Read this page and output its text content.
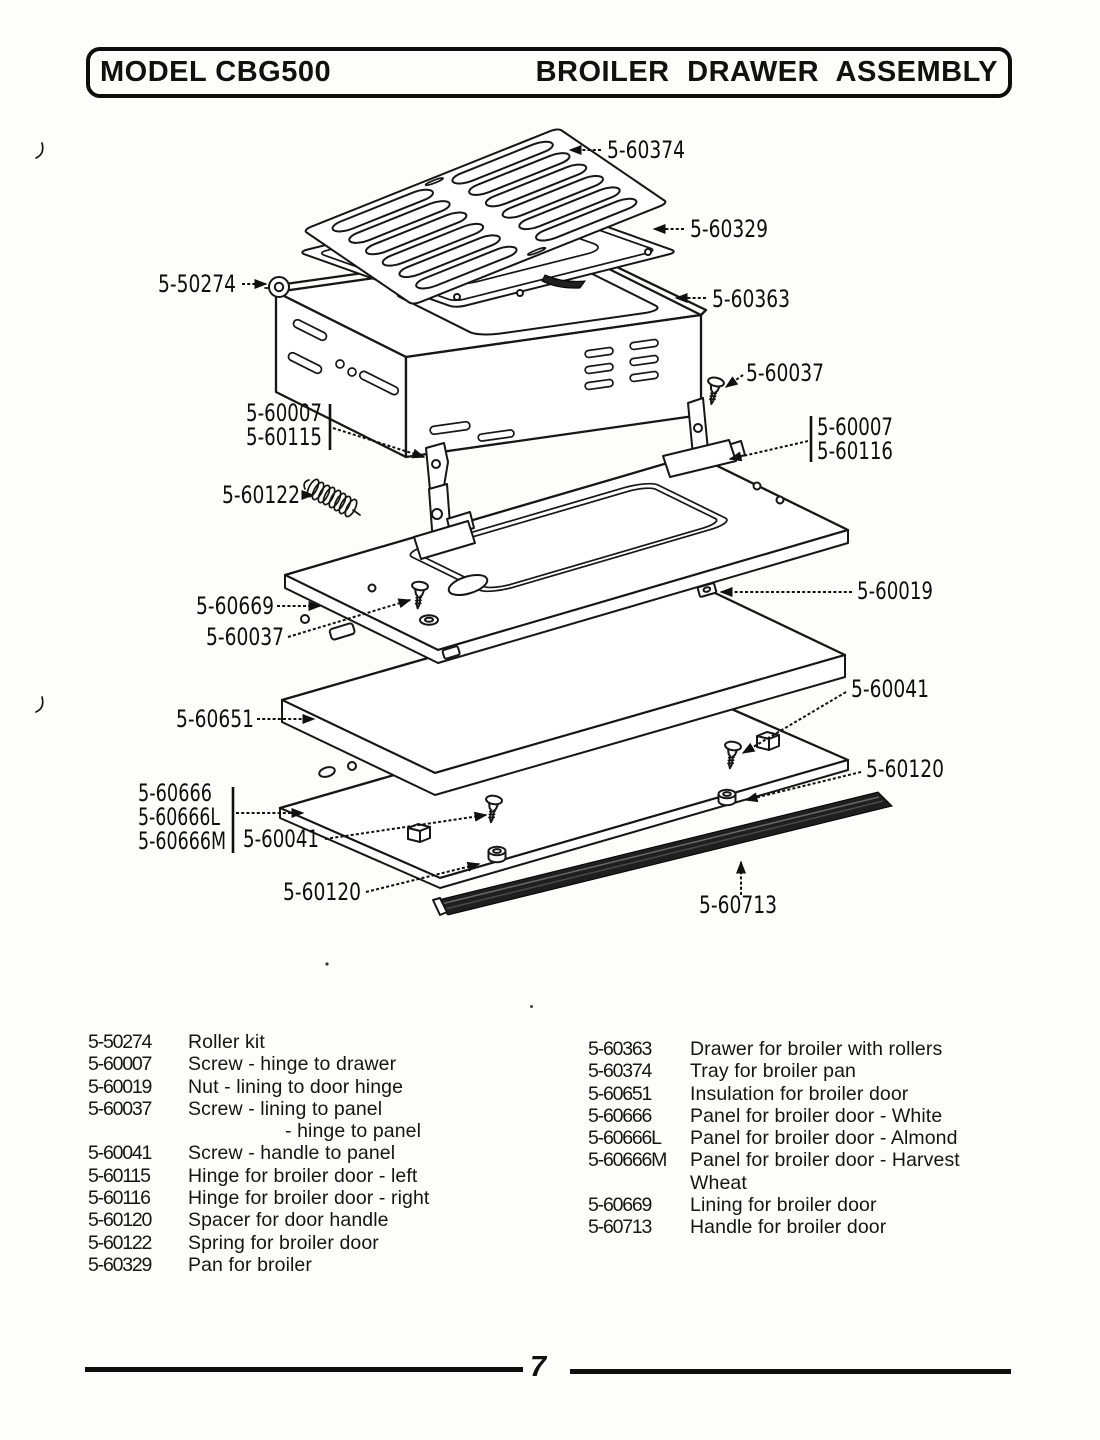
MODEL CBG500	BROILER DRAWER ASSEMBLY
5-60374
5-60329
5-50274
5-60363
5-60037
5-60007
5-60115	5-60007
5-60116
5-60122
5-60019
5-60669
5-60037
5-60651
5-60041
5-60120
5-60666
5-60666L
5-60666M 5-60041
5-60120	5-60713
5-50274	Roller kit
5-60007	Screw - hinge to drawer
5-60019	Nut - lining to door hinge
5-60037	Screw - lining to panel
- hinge to panel
5-60041	Screw - handle to panel
5-60115	Hinge for broiler door - left
5-60116	Hinge for broiler door - right
5-60120	Spacer for door handle
5-60122	Spring for broiler door
5-60329	Pan for broiler
5-60363	Drawer for broiler with rollers
5-60374	Tray for broiler pan
5-60651	Insulation for broiler door
5-60666	Panel for broiler door - White
5-60666L	Panel for broiler door - Almond
5-60666M	Panel for broiler door - Harvest
Wheat
5-60669	Lining for broiler door
5-60713	Handle for broiler door
7
